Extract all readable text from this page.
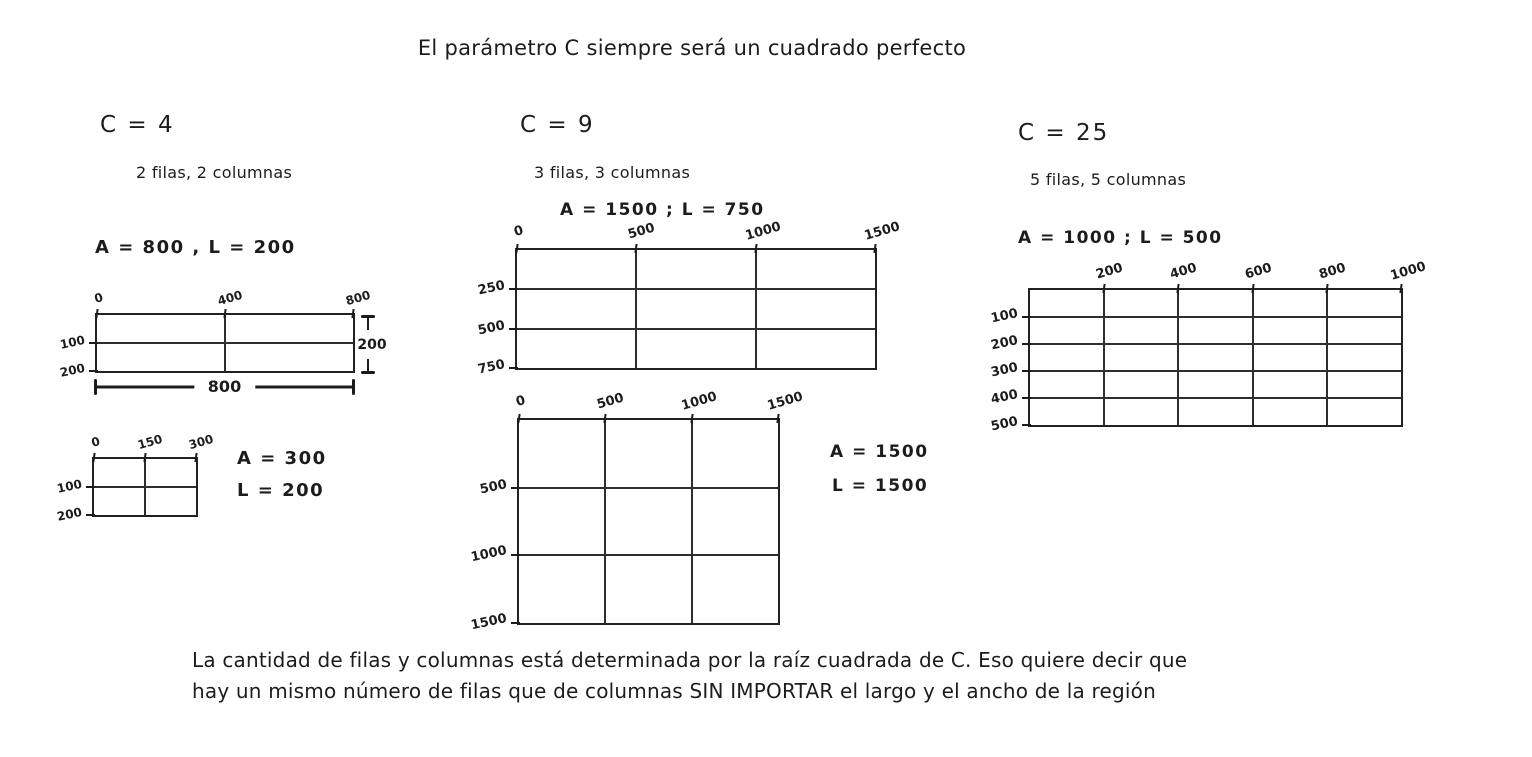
El parámetro C siempre será un cuadrado perfecto
C = 4
2 filas, 2 columnas
A = 800 , L = 200
0	400	800
100
200
200
800
0	150 300
100
200
A = 300
L = 200
C = 9
3 filas, 3 columnas
A = 1500 ; L = 750
0	500	1000	1500
250
500
750
0	500	1000	1500
500
1000
1500
A = 1500
L = 1500
C = 25
5 filas, 5 columnas
A = 1000 ; L = 500
200	400	600	800	1000
100
200
300
400
500
La cantidad de filas y columnas está determinada por la raíz cuadrada de C. Eso quiere decir que
hay un mismo número de filas que de columnas SIN IMPORTAR el largo y el ancho de la región
